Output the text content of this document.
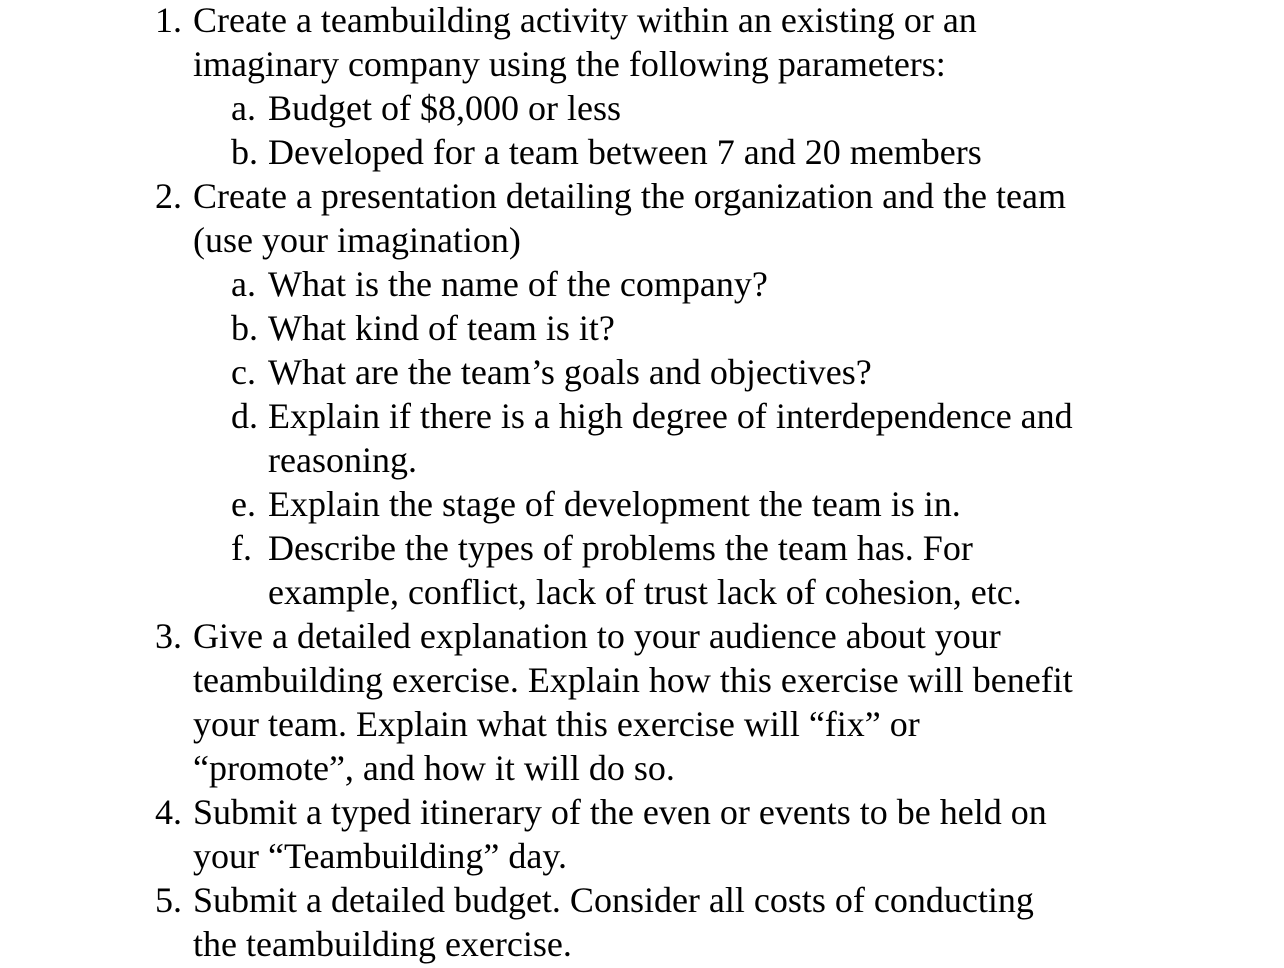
1. Create a teambuilding activity within an existing or an
imaginary company using the following parameters:
a. Budget of $8,000 or less
b. Developed for a team between 7 and 20 members
2. Create a presentation detailing the organization and the team
(use your imagination)
a. What is the name of the company?
b. What kind of team is it?
c. What are the team’s goals and objectives?
d. Explain if there is a high degree of interdependence and
reasoning.
e. Explain the stage of development the team is in.
f. Describe the types of problems the team has. For
example, conflict, lack of trust lack of cohesion, etc.
3. Give a detailed explanation to your audience about your
teambuilding exercise. Explain how this exercise will benefit
your team. Explain what this exercise will “fix” or
“promote”, and how it will do so.
4. Submit a typed itinerary of the even or events to be held on
your “Teambuilding” day.
5. Submit a detailed budget. Consider all costs of conducting
the teambuilding exercise.
